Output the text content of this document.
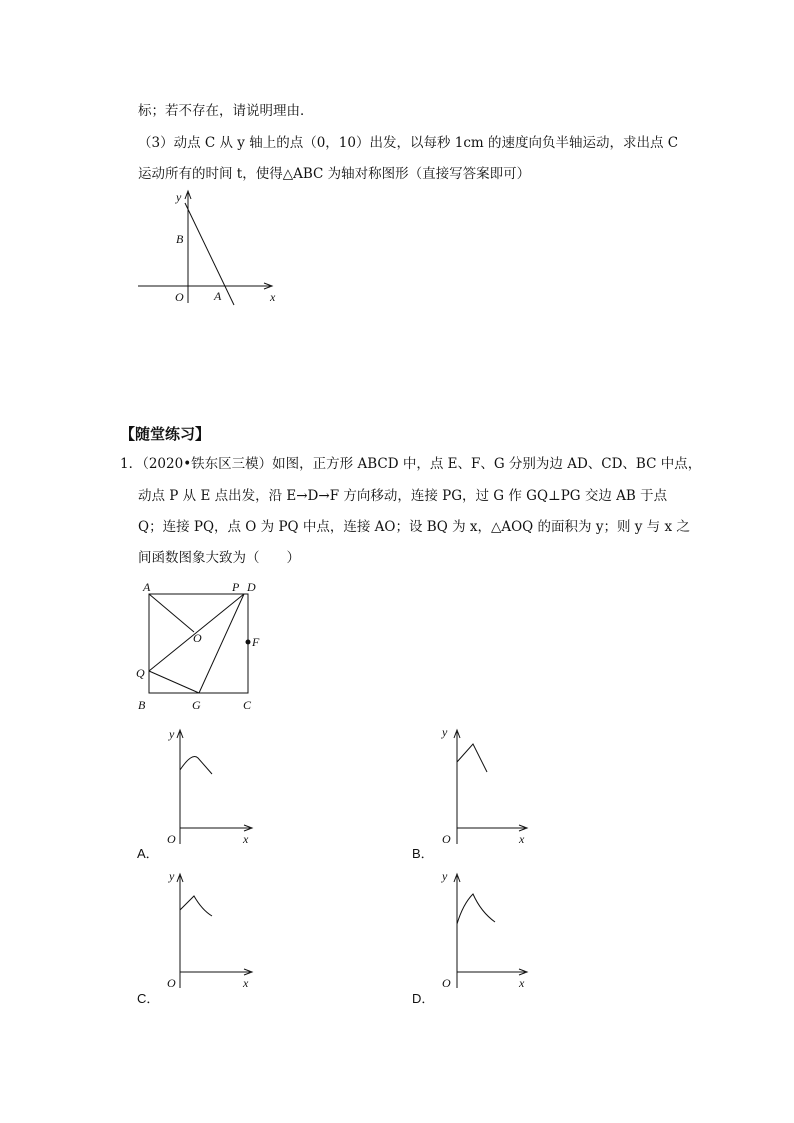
标；若不存在，请说明理由．
（3）动点 C 从 y 轴上的点（0，10）出发，以每秒 1cm 的速度向负半轴运动，求出点 C
运动所有的时间 t，使得△ABC 为轴对称图形（直接写答案即可）
y
B
O	A	x
【随堂练习】
1．（2020•铁东区三模）如图，正方形 ABCD 中，点 E、F、G 分别为边 AD、CD、BC 中点，
动点 P 从 E 点出发，沿 E→D→F 方向移动，连接 PG，过 G 作 GQ⊥PG 交边 AB 于点
Q；连接 PQ，点 O 为 PQ 中点，连接 AO；设 BQ 为 x，△AOQ 的面积为 y；则 y 与 x 之
间函数图象大致为（　　）
A	P D
O	F
Q
B	G	C
y
O	x
A．
y
O	x
B．
y
O	x
C．
y
O	x
D．
